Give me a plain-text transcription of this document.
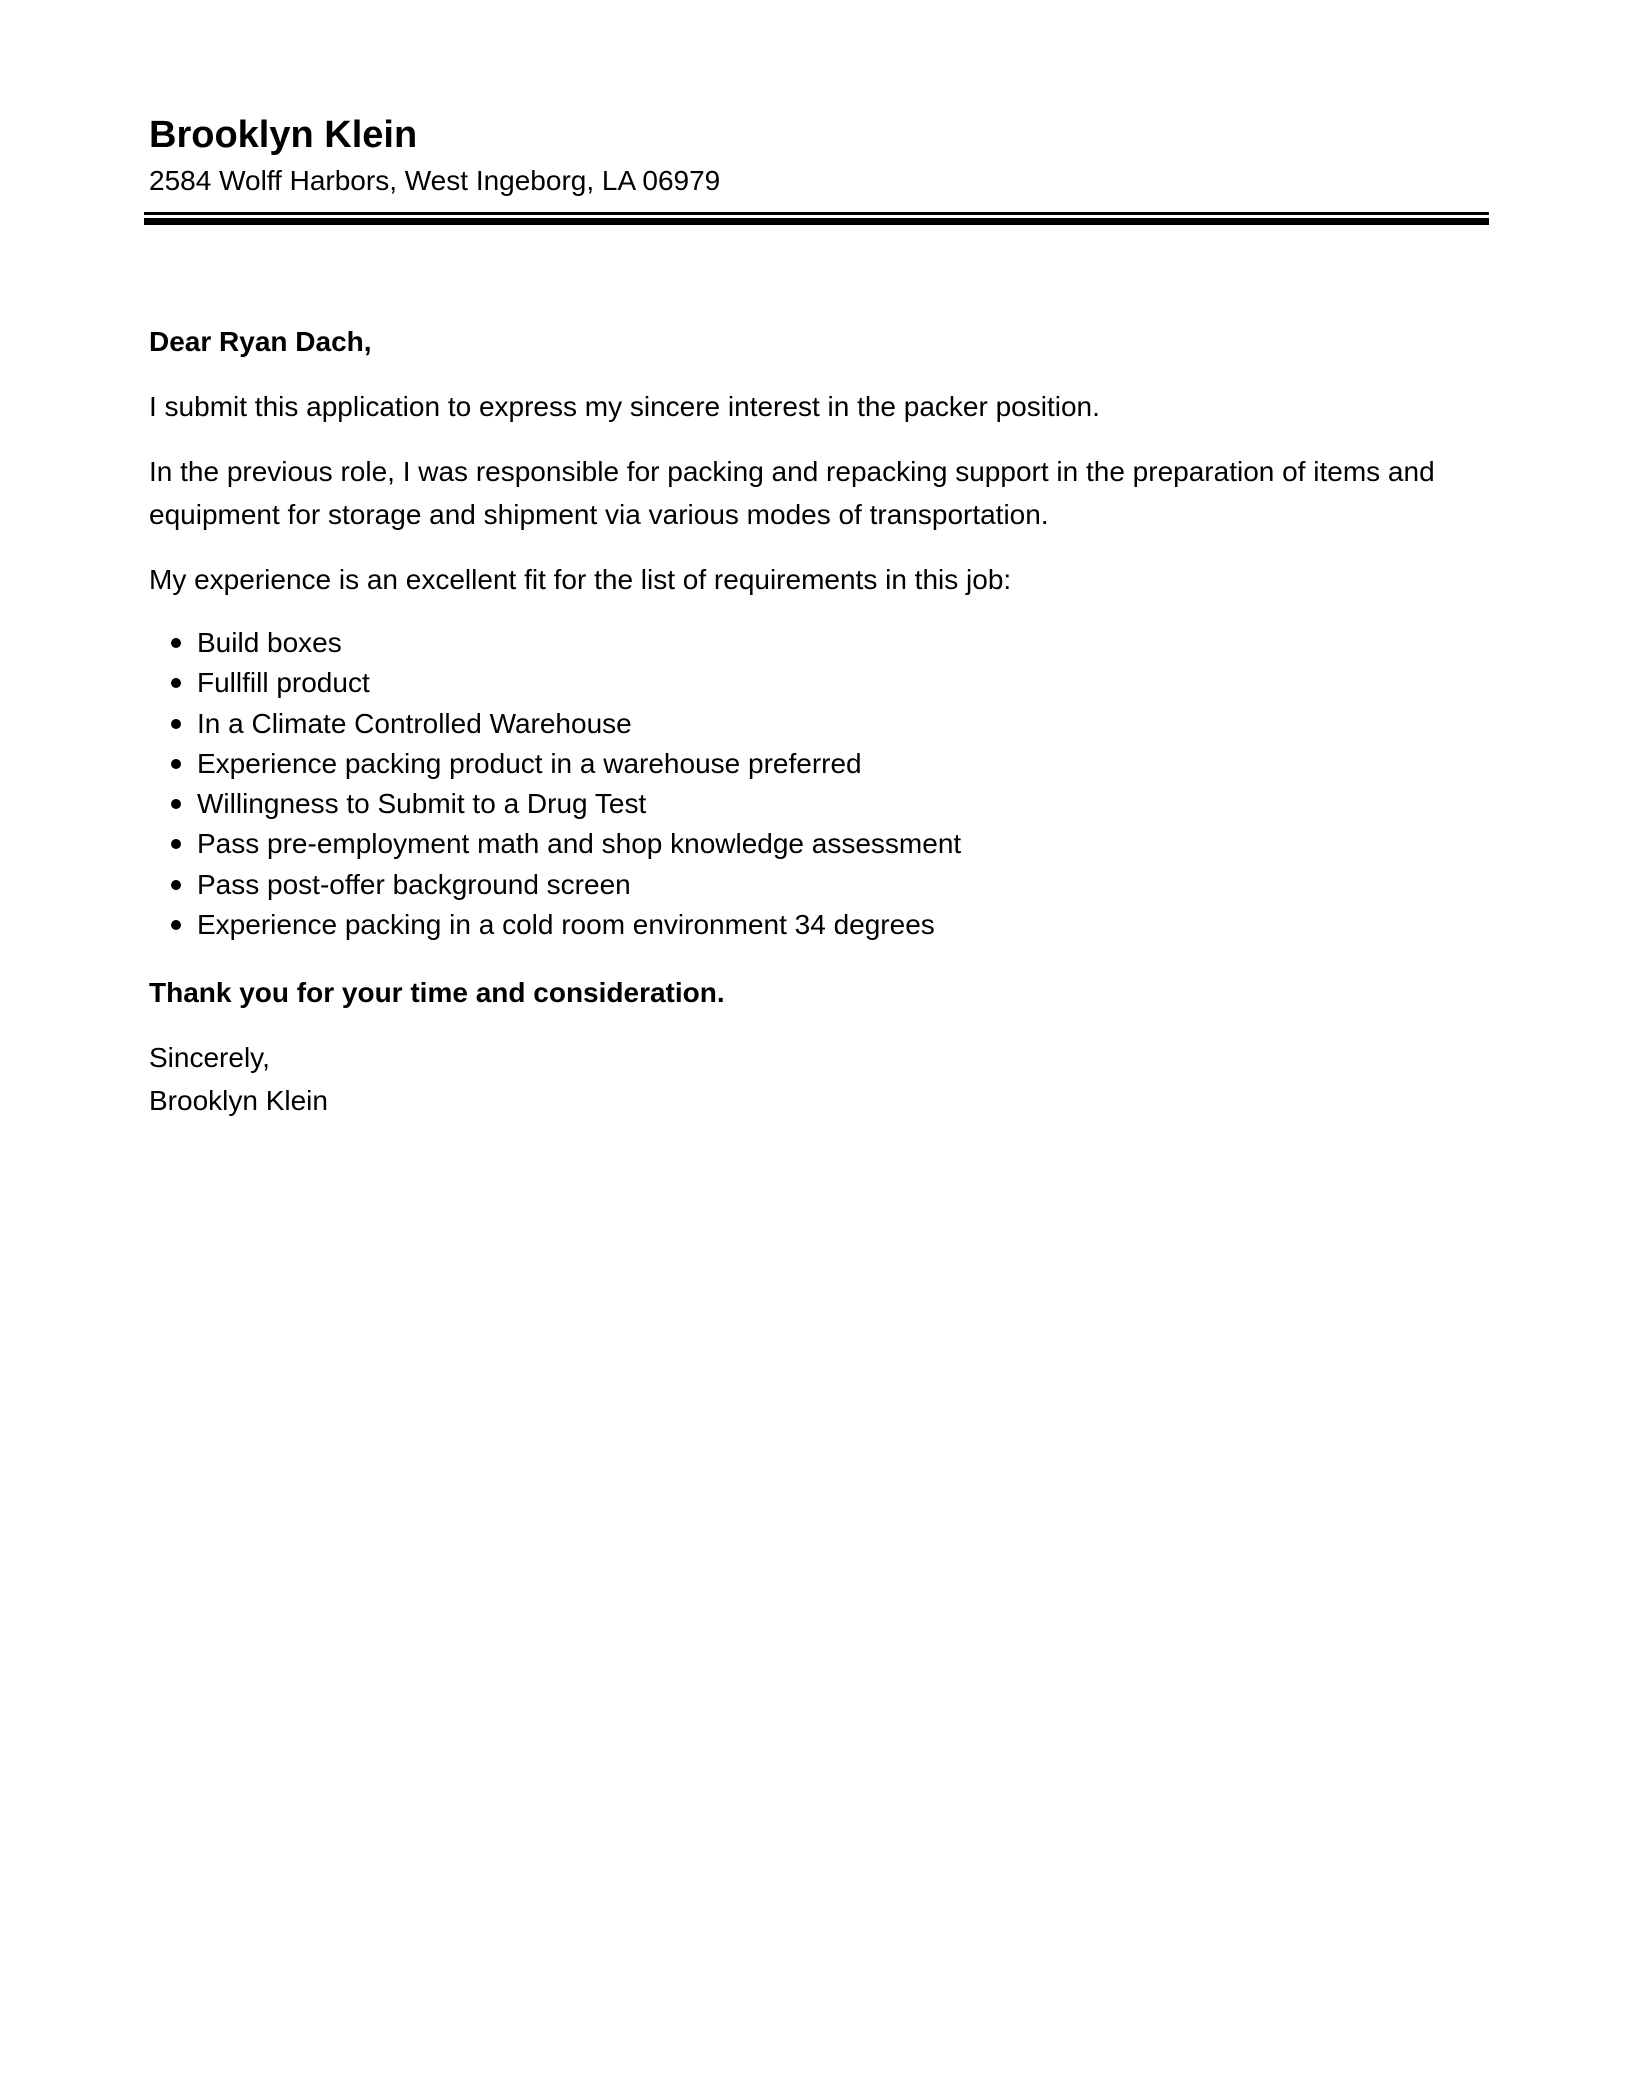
Brooklyn Klein
2584 Wolff Harbors, West Ingeborg, LA 06979

Dear Ryan Dach,

I submit this application to express my sincere interest in the packer position.

In the previous role, I was responsible for packing and repacking support in the preparation of items and equipment for storage and shipment via various modes of transportation.

My experience is an excellent fit for the list of requirements in this job:

Build boxes
Fullfill product
In a Climate Controlled Warehouse
Experience packing product in a warehouse preferred
Willingness to Submit to a Drug Test
Pass pre-employment math and shop knowledge assessment
Pass post-offer background screen
Experience packing in a cold room environment 34 degrees

Thank you for your time and consideration.

Sincerely,

Brooklyn Klein
